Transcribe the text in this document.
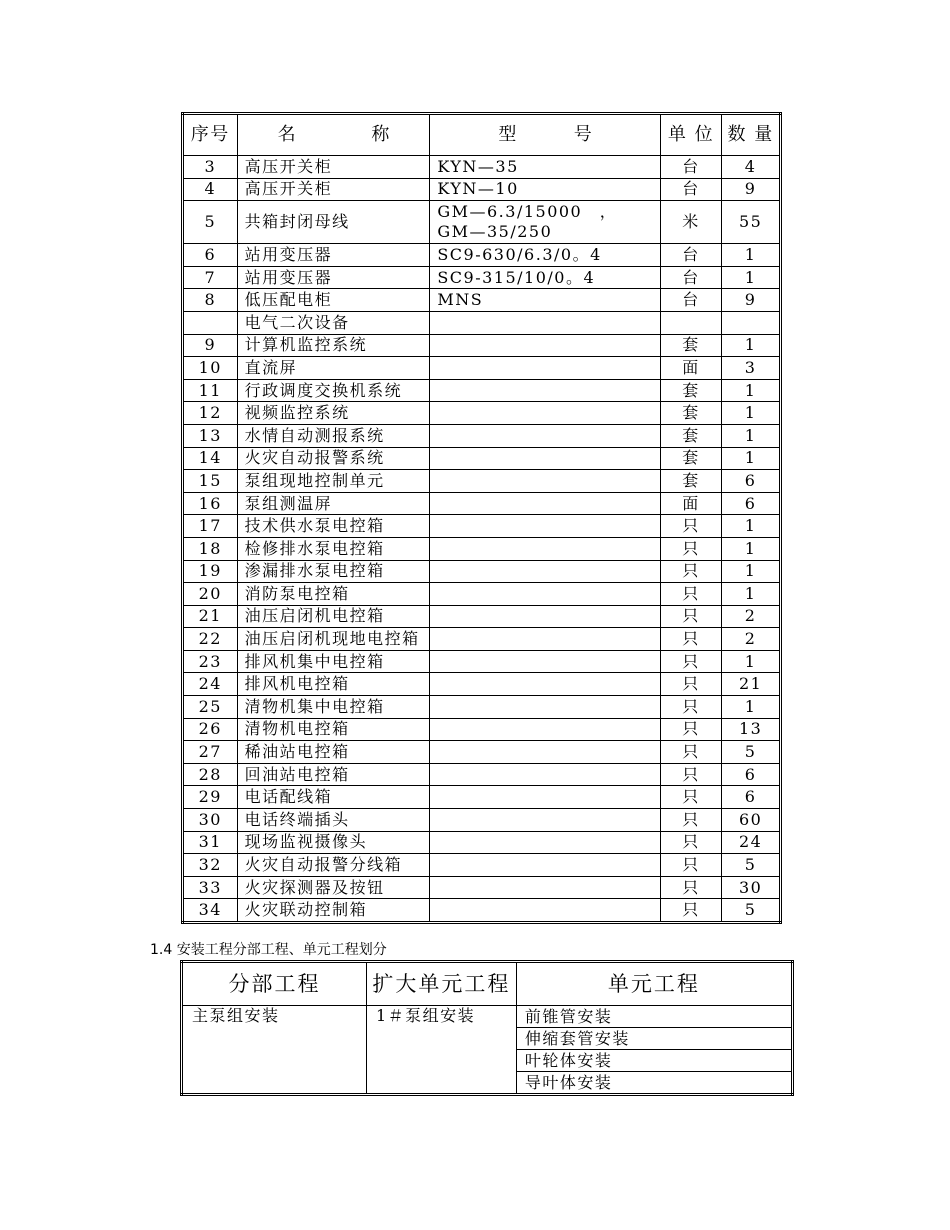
序号	名 称	型 号	单 位	数 量
3	高压开关柜	KYN—35	台	4
4	高压开关柜	KYN—10	台	9
5	共箱封闭母线	GM—6.3/15000　，　GM—35/250	米	55
6	站用变压器	SC9-630/6.3/0。4	台	1
7	站用变压器	SC9-315/10/0。4	台	1
8	低压配电柜	MNS	台	9
	电气二次设备			
9	计算机监控系统		套	1
10	直流屏		面	3
11	行政调度交换机系统		套	1
12	视频监控系统		套	1
13	水情自动测报系统		套	1
14	火灾自动报警系统		套	1
15	泵组现地控制单元		套	6
16	泵组测温屏		面	6
17	技术供水泵电控箱		只	1
18	检修排水泵电控箱		只	1
19	渗漏排水泵电控箱		只	1
20	消防泵电控箱		只	1
21	油压启闭机电控箱		只	2
22	油压启闭机现地电控箱		只	2
23	排风机集中电控箱		只	1
24	排风机电控箱		只	21
25	清物机集中电控箱		只	1
26	清物机电控箱		只	13
27	稀油站电控箱		只	5
28	回油站电控箱		只	6
29	电话配线箱		只	6
30	电话终端插头		只	60
31	现场监视摄像头		只	24
32	火灾自动报警分线箱		只	5
33	火灾探测器及按钮		只	30
34	火灾联动控制箱		只	5
1.4 安装工程分部工程、单元工程划分
分部工程	扩大单元工程	单元工程
主泵组安装	1＃泵组安装	前锥管安装
		伸缩套管安装
		叶轮体安装
		导叶体安装
